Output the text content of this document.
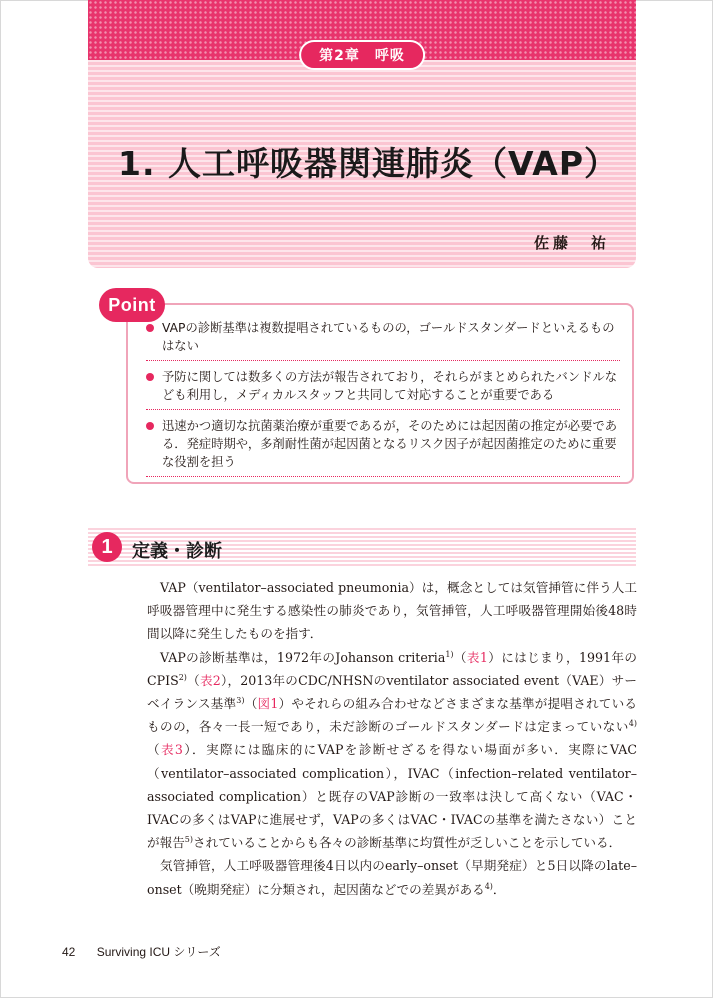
第2章　呼吸
1. 人工呼吸器関連肺炎（VAP）
佐藤　祐
VAPの診断基準は複数提唱されているものの，ゴールドスタンダードといえるものはない
予防に関しては数多くの方法が報告されており，それらがまとめられたバンドルなども利用し，メディカルスタッフと共同して対応することが重要である
迅速かつ適切な抗菌薬治療が重要であるが，そのためには起因菌の推定が必要である．発症時期や，多剤耐性菌が起因菌となるリスク因子が起因菌推定のために重要な役割を担う
Point
1	定義・診断

VAP（ventilator–associated pneumonia）は，概念としては気管挿管に伴う人工呼吸器管理中に発生する感染性の肺炎であり，気管挿管，人工呼吸器管理開始後48時間以降に発生したものを指す．

VAPの診断基準は，1972年のJohanson criteria$^{1)}$（表1）にはじまり，1991年のCPIS$^{2)}$（表2），2013年のCDC/NHSNのventilator associated event（VAE）サーベイランス基準$^{3)}$（図1）やそれらの組み合わせなどさまざまな基準が提唱されているものの，各々一長一短であり，未だ診断のゴールドスタンダードは定まっていない$^{4)}$（表3）．実際には臨床的にVAPを診断せざるを得ない場面が多い．実際にVAC（ventilator–associated complication），IVAC（infection–related ventilator–associated complication）と既存のVAP診断の一致率は決して高くない（VAC・IVACの多くはVAPに進展せず，VAPの多くはVAC・IVACの基準を満たさない）ことが報告$^{5)}$されていることからも各々の診断基準に均質性が乏しいことを示している．

気管挿管，人工呼吸器管理後4日以内のearly–onset（早期発症）と5日以降のlate–onset（晩期発症）に分類され，起因菌などでの差異がある$^{4)}$．

42 Surviving ICU シリーズ
